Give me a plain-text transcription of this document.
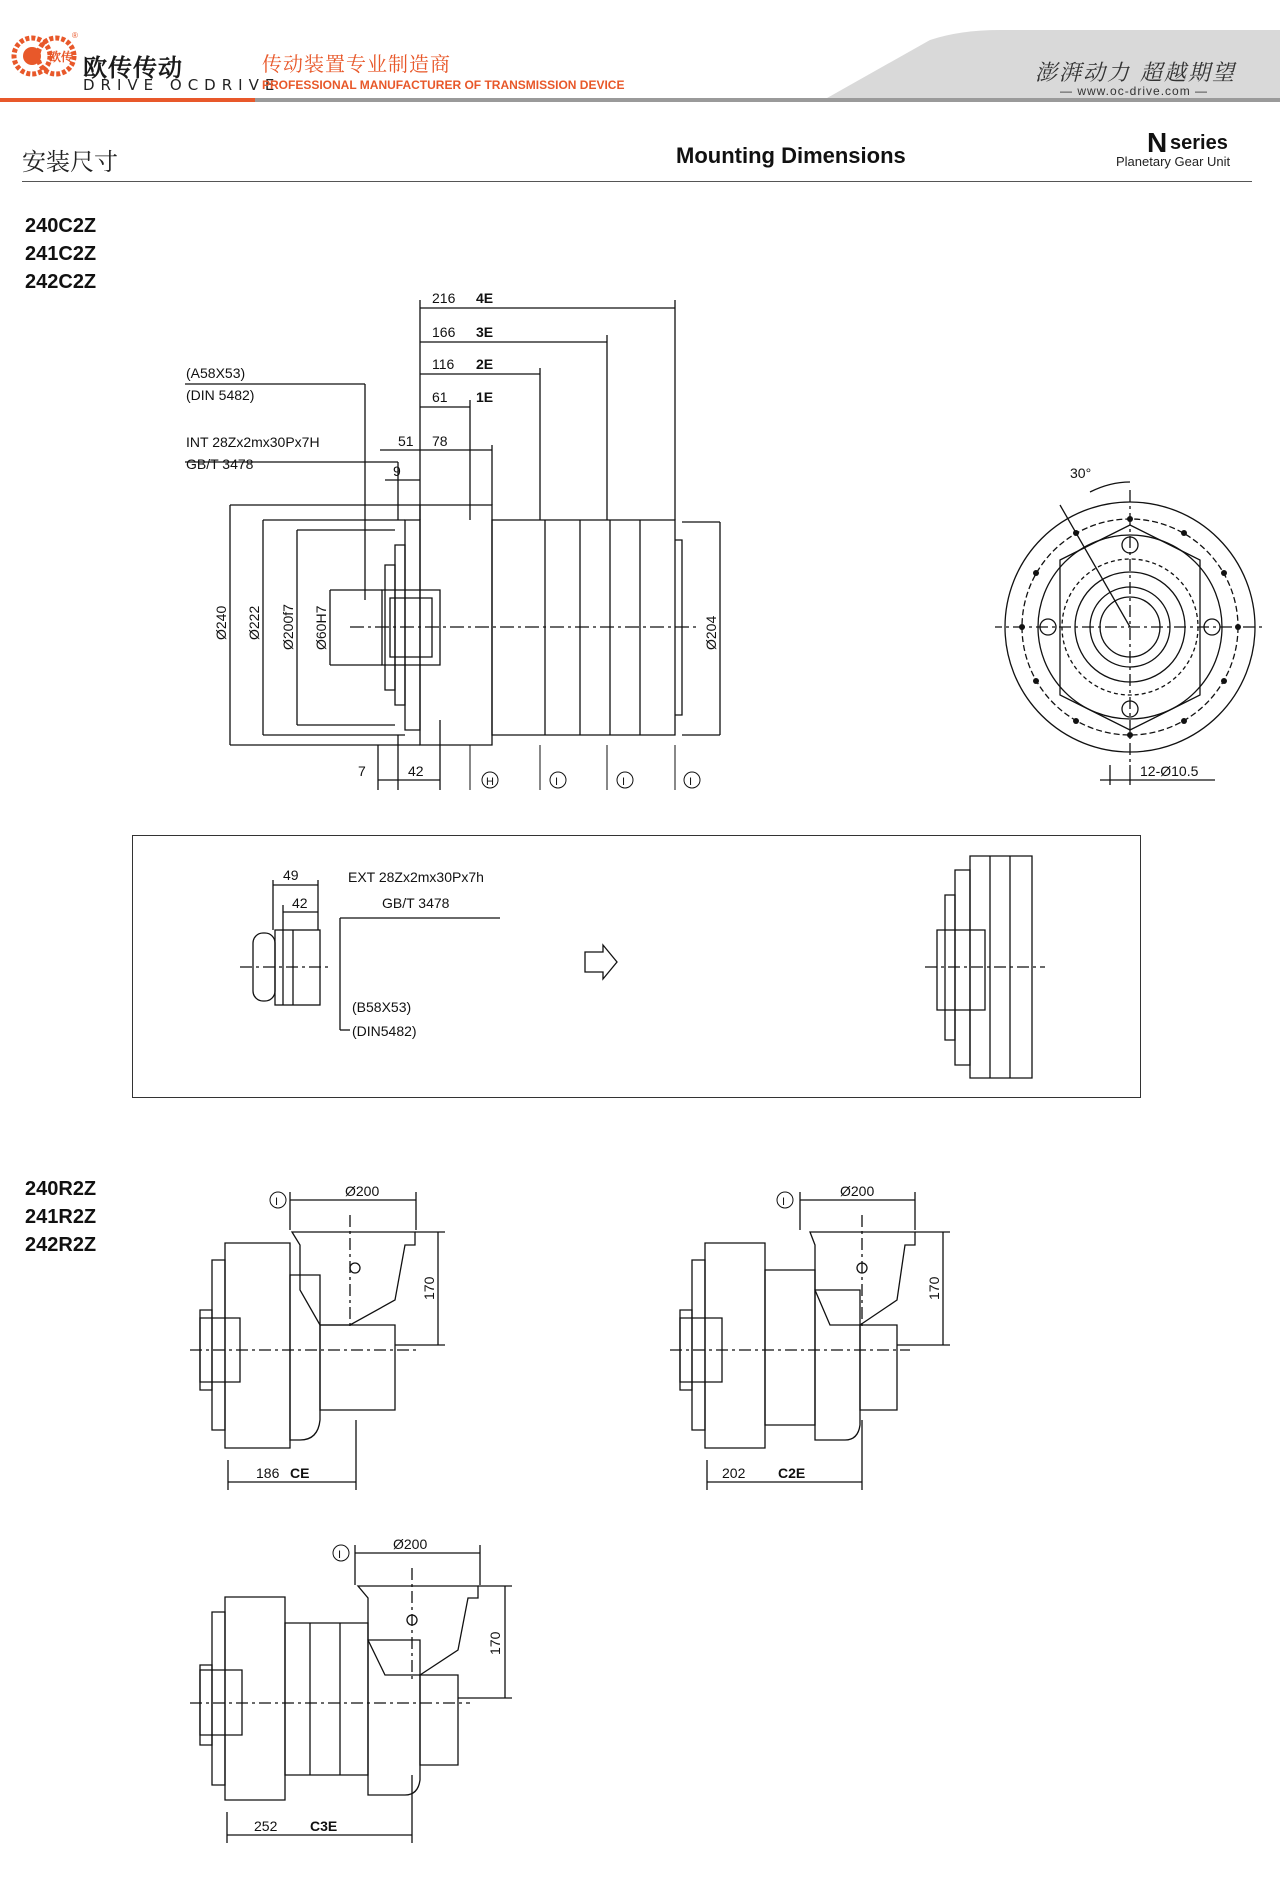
欧传
®
欧传传动
DRIVE OCDRIVE
传动装置专业制造商
PROFESSIONAL MANUFACTURER OF TRANSMISSION DEVICE	澎湃动力 超越期望
— www.oc-drive.com —
安装尺寸	Mounting Dimensions	N series
Planetary Gear Unit
240C2Z
241C2Z
242C2Z
216 4E
166 3E
116 2E
61 1E
51 78
9
(A58X53)
(DIN 5482)
INT 28Zx2mx30Px7H
GB/T 3478
7	42
Ø240 Ø222 Ø200f7 Ø60H7	Ø204
H	I	I	I
30°
12-Ø10.5
49
42
EXT 28Zx2mx30Px7h
GB/T 3478
(B58X53)
(DIN5482)
240R2Z
241R2Z
242R2Z
I
Ø200
170
186 CE
I
Ø200
170
202 C2E
I
Ø200
170
252 C3E
